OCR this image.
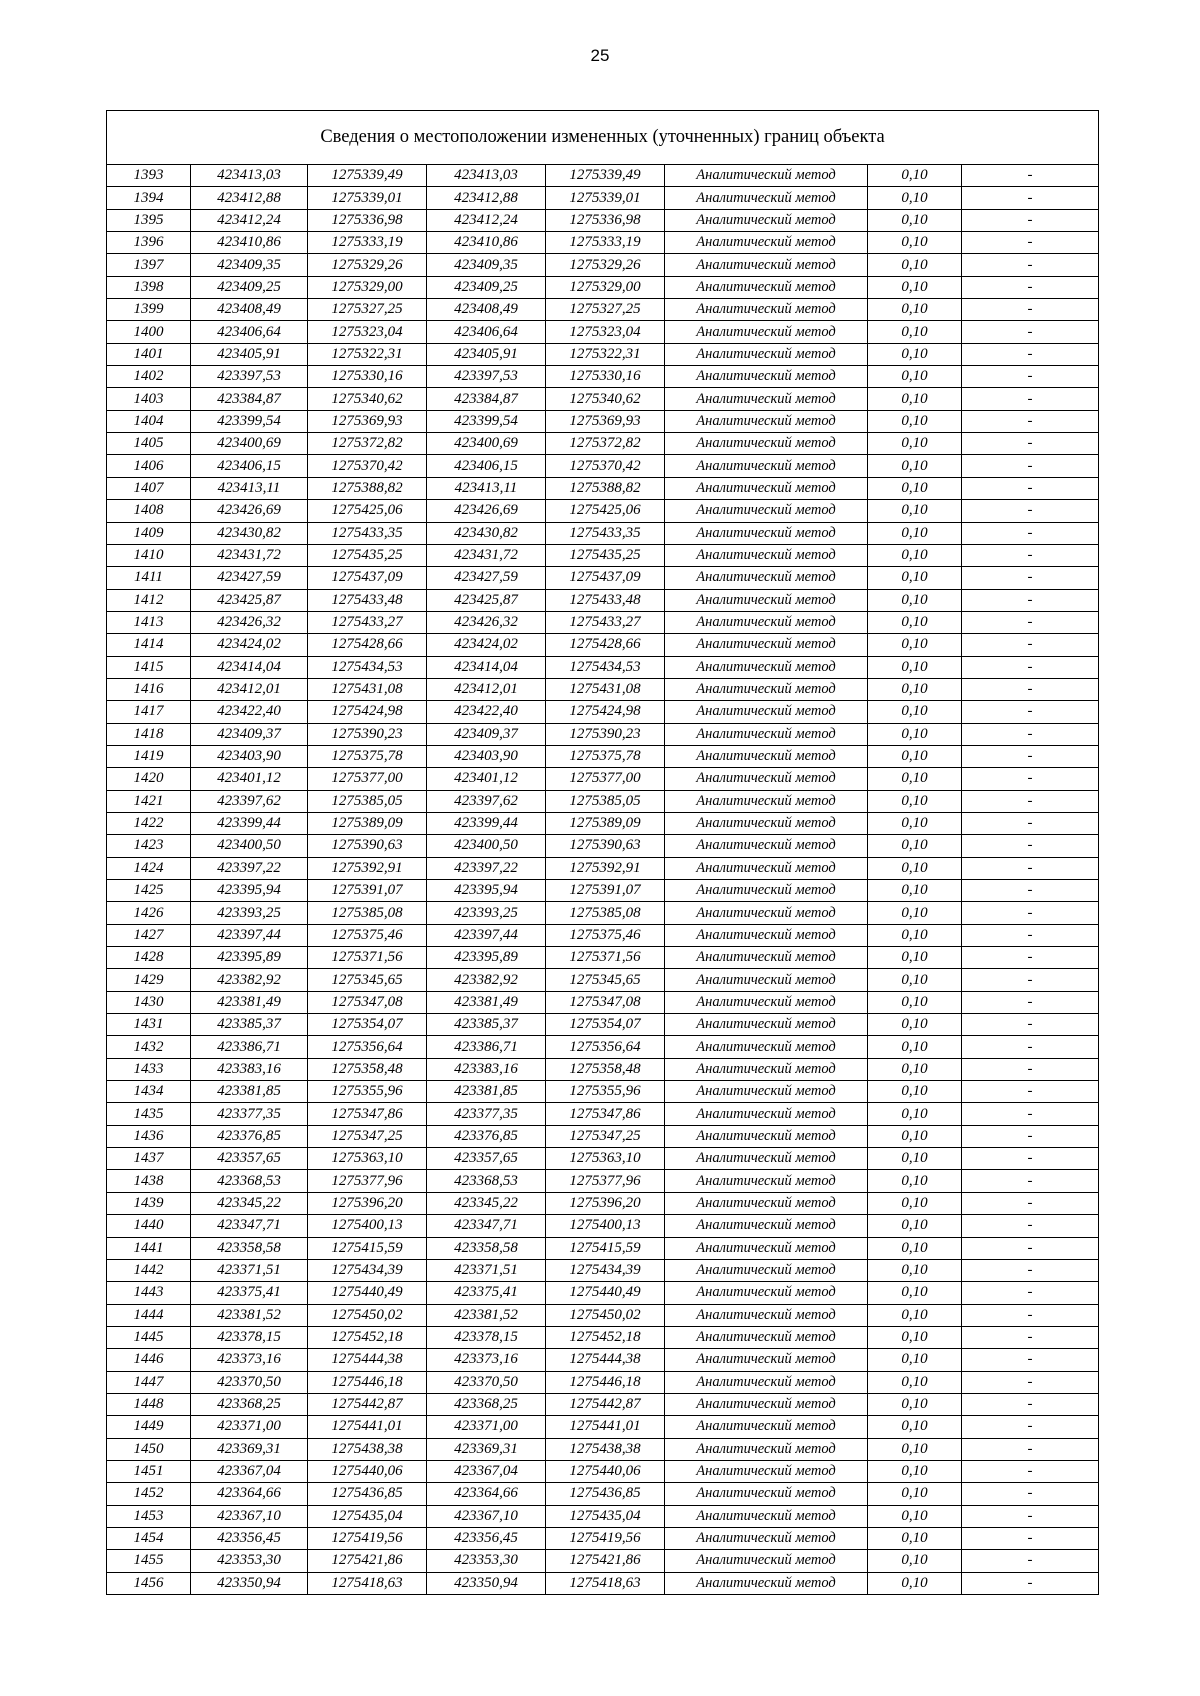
25
Сведения о местоположении измененных (уточненных) границ объекта							
1393	423413,03	1275339,49	423413,03	1275339,49	Аналитический метод	0,10	-
1394	423412,88	1275339,01	423412,88	1275339,01	Аналитический метод	0,10	-
1395	423412,24	1275336,98	423412,24	1275336,98	Аналитический метод	0,10	-
1396	423410,86	1275333,19	423410,86	1275333,19	Аналитический метод	0,10	-
1397	423409,35	1275329,26	423409,35	1275329,26	Аналитический метод	0,10	-
1398	423409,25	1275329,00	423409,25	1275329,00	Аналитический метод	0,10	-
1399	423408,49	1275327,25	423408,49	1275327,25	Аналитический метод	0,10	-
1400	423406,64	1275323,04	423406,64	1275323,04	Аналитический метод	0,10	-
1401	423405,91	1275322,31	423405,91	1275322,31	Аналитический метод	0,10	-
1402	423397,53	1275330,16	423397,53	1275330,16	Аналитический метод	0,10	-
1403	423384,87	1275340,62	423384,87	1275340,62	Аналитический метод	0,10	-
1404	423399,54	1275369,93	423399,54	1275369,93	Аналитический метод	0,10	-
1405	423400,69	1275372,82	423400,69	1275372,82	Аналитический метод	0,10	-
1406	423406,15	1275370,42	423406,15	1275370,42	Аналитический метод	0,10	-
1407	423413,11	1275388,82	423413,11	1275388,82	Аналитический метод	0,10	-
1408	423426,69	1275425,06	423426,69	1275425,06	Аналитический метод	0,10	-
1409	423430,82	1275433,35	423430,82	1275433,35	Аналитический метод	0,10	-
1410	423431,72	1275435,25	423431,72	1275435,25	Аналитический метод	0,10	-
1411	423427,59	1275437,09	423427,59	1275437,09	Аналитический метод	0,10	-
1412	423425,87	1275433,48	423425,87	1275433,48	Аналитический метод	0,10	-
1413	423426,32	1275433,27	423426,32	1275433,27	Аналитический метод	0,10	-
1414	423424,02	1275428,66	423424,02	1275428,66	Аналитический метод	0,10	-
1415	423414,04	1275434,53	423414,04	1275434,53	Аналитический метод	0,10	-
1416	423412,01	1275431,08	423412,01	1275431,08	Аналитический метод	0,10	-
1417	423422,40	1275424,98	423422,40	1275424,98	Аналитический метод	0,10	-
1418	423409,37	1275390,23	423409,37	1275390,23	Аналитический метод	0,10	-
1419	423403,90	1275375,78	423403,90	1275375,78	Аналитический метод	0,10	-
1420	423401,12	1275377,00	423401,12	1275377,00	Аналитический метод	0,10	-
1421	423397,62	1275385,05	423397,62	1275385,05	Аналитический метод	0,10	-
1422	423399,44	1275389,09	423399,44	1275389,09	Аналитический метод	0,10	-
1423	423400,50	1275390,63	423400,50	1275390,63	Аналитический метод	0,10	-
1424	423397,22	1275392,91	423397,22	1275392,91	Аналитический метод	0,10	-
1425	423395,94	1275391,07	423395,94	1275391,07	Аналитический метод	0,10	-
1426	423393,25	1275385,08	423393,25	1275385,08	Аналитический метод	0,10	-
1427	423397,44	1275375,46	423397,44	1275375,46	Аналитический метод	0,10	-
1428	423395,89	1275371,56	423395,89	1275371,56	Аналитический метод	0,10	-
1429	423382,92	1275345,65	423382,92	1275345,65	Аналитический метод	0,10	-
1430	423381,49	1275347,08	423381,49	1275347,08	Аналитический метод	0,10	-
1431	423385,37	1275354,07	423385,37	1275354,07	Аналитический метод	0,10	-
1432	423386,71	1275356,64	423386,71	1275356,64	Аналитический метод	0,10	-
1433	423383,16	1275358,48	423383,16	1275358,48	Аналитический метод	0,10	-
1434	423381,85	1275355,96	423381,85	1275355,96	Аналитический метод	0,10	-
1435	423377,35	1275347,86	423377,35	1275347,86	Аналитический метод	0,10	-
1436	423376,85	1275347,25	423376,85	1275347,25	Аналитический метод	0,10	-
1437	423357,65	1275363,10	423357,65	1275363,10	Аналитический метод	0,10	-
1438	423368,53	1275377,96	423368,53	1275377,96	Аналитический метод	0,10	-
1439	423345,22	1275396,20	423345,22	1275396,20	Аналитический метод	0,10	-
1440	423347,71	1275400,13	423347,71	1275400,13	Аналитический метод	0,10	-
1441	423358,58	1275415,59	423358,58	1275415,59	Аналитический метод	0,10	-
1442	423371,51	1275434,39	423371,51	1275434,39	Аналитический метод	0,10	-
1443	423375,41	1275440,49	423375,41	1275440,49	Аналитический метод	0,10	-
1444	423381,52	1275450,02	423381,52	1275450,02	Аналитический метод	0,10	-
1445	423378,15	1275452,18	423378,15	1275452,18	Аналитический метод	0,10	-
1446	423373,16	1275444,38	423373,16	1275444,38	Аналитический метод	0,10	-
1447	423370,50	1275446,18	423370,50	1275446,18	Аналитический метод	0,10	-
1448	423368,25	1275442,87	423368,25	1275442,87	Аналитический метод	0,10	-
1449	423371,00	1275441,01	423371,00	1275441,01	Аналитический метод	0,10	-
1450	423369,31	1275438,38	423369,31	1275438,38	Аналитический метод	0,10	-
1451	423367,04	1275440,06	423367,04	1275440,06	Аналитический метод	0,10	-
1452	423364,66	1275436,85	423364,66	1275436,85	Аналитический метод	0,10	-
1453	423367,10	1275435,04	423367,10	1275435,04	Аналитический метод	0,10	-
1454	423356,45	1275419,56	423356,45	1275419,56	Аналитический метод	0,10	-
1455	423353,30	1275421,86	423353,30	1275421,86	Аналитический метод	0,10	-
1456	423350,94	1275418,63	423350,94	1275418,63	Аналитический метод	0,10	-
